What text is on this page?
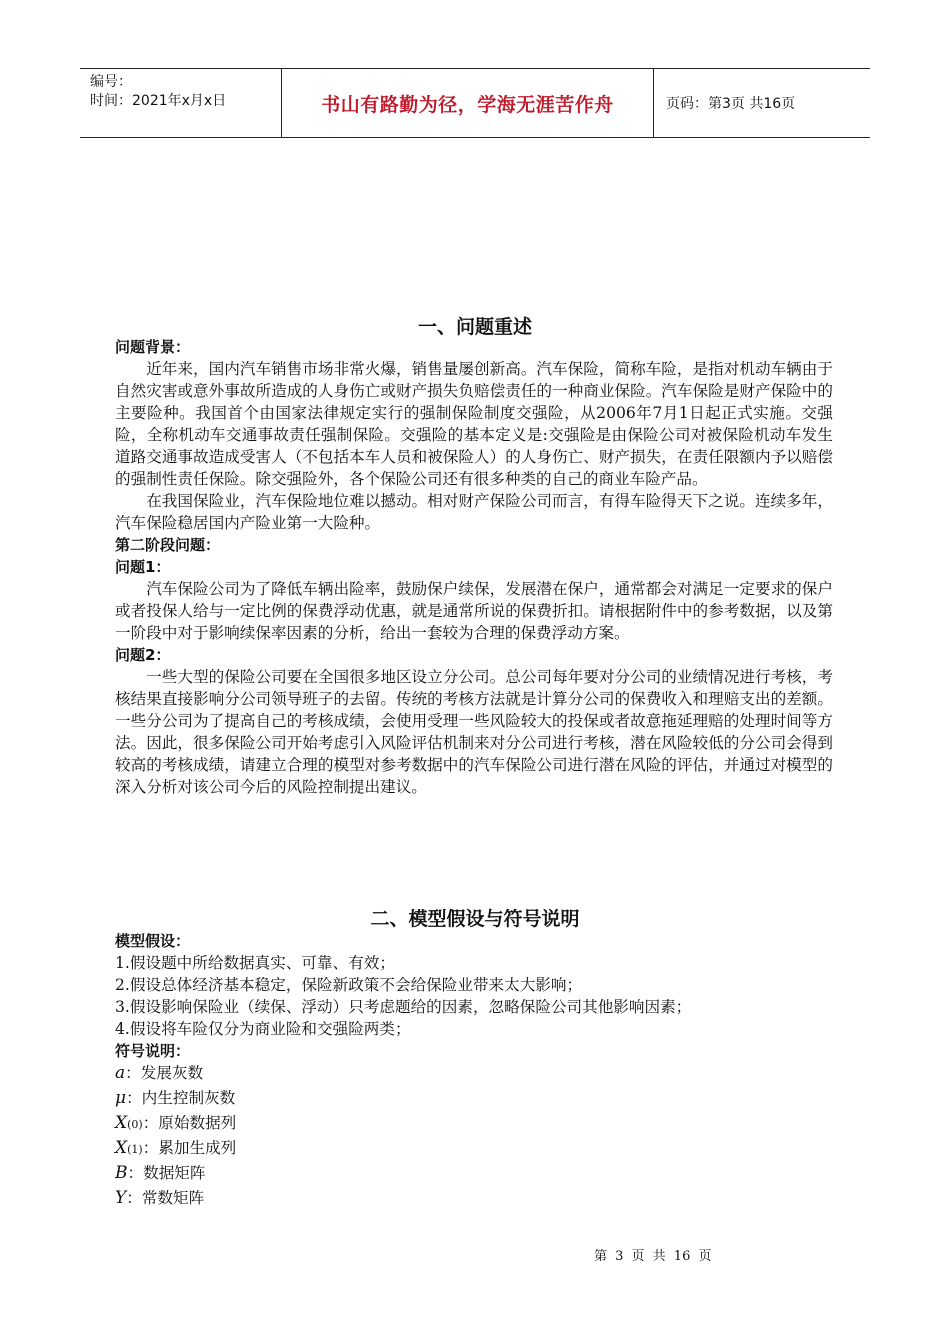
编号：
时间：2021年x月x日	书山有路勤为径，学海无涯苦作舟	页码：第3页 共16页
一、问题重述

问题背景：

近年来，国内汽车销售市场非常火爆，销售量屡创新高。汽车保险，简称车险，是指对机动车辆由于自然灾害或意外事故所造成的人身伤亡或财产损失负赔偿责任的一种商业保险。汽车保险是财产保险中的主要险种。我国首个由国家法律规定实行的强制保险制度交强险，从2006年7月1日起正式实施。交强险，全称机动车交通事故责任强制保险。交强险的基本定义是:交强险是由保险公司对被保险机动车发生道路交通事故造成受害人（不包括本车人员和被保险人）的人身伤亡、财产损失，在责任限额内予以赔偿的强制性责任保险。除交强险外，各个保险公司还有很多种类的自己的商业车险产品。

在我国保险业，汽车保险地位难以撼动。相对财产保险公司而言，有得车险得天下之说。连续多年，汽车保险稳居国内产险业第一大险种。

第二阶段问题：

问题1：

汽车保险公司为了降低车辆出险率，鼓励保户续保，发展潜在保户，通常都会对满足一定要求的保户或者投保人给与一定比例的保费浮动优惠，就是通常所说的保费折扣。请根据附件中的参考数据，以及第一阶段中对于影响续保率因素的分析，给出一套较为合理的保费浮动方案。

问题2：

一些大型的保险公司要在全国很多地区设立分公司。总公司每年要对分公司的业绩情况进行考核，考核结果直接影响分公司领导班子的去留。传统的考核方法就是计算分公司的保费收入和理赔支出的差额。一些分公司为了提高自己的考核成绩，会使用受理一些风险较大的投保或者故意拖延理赔的处理时间等方法。因此，很多保险公司开始考虑引入风险评估机制来对分公司进行考核，潜在风险较低的分公司会得到较高的考核成绩，请建立合理的模型对参考数据中的汽车保险公司进行潜在风险的评估，并通过对模型的深入分析对该公司今后的风险控制提出建议。

二、模型假设与符号说明

模型假设：

1.假设题中所给数据真实、可靠、有效；

2.假设总体经济基本稳定，保险新政策不会给保险业带来太大影响；

3.假设影响保险业（续保、浮动）只考虑题给的因素，忽略保险公司其他影响因素；

4.假设将车险仅分为商业险和交强险两类；

符号说明：

a ：发展灰数
μ ：内生控制灰数
X (0) ：原始数据列
X (1) ：累加生成列
B ：数据矩阵
Y ：常数矩阵
第 3 页 共 16 页
